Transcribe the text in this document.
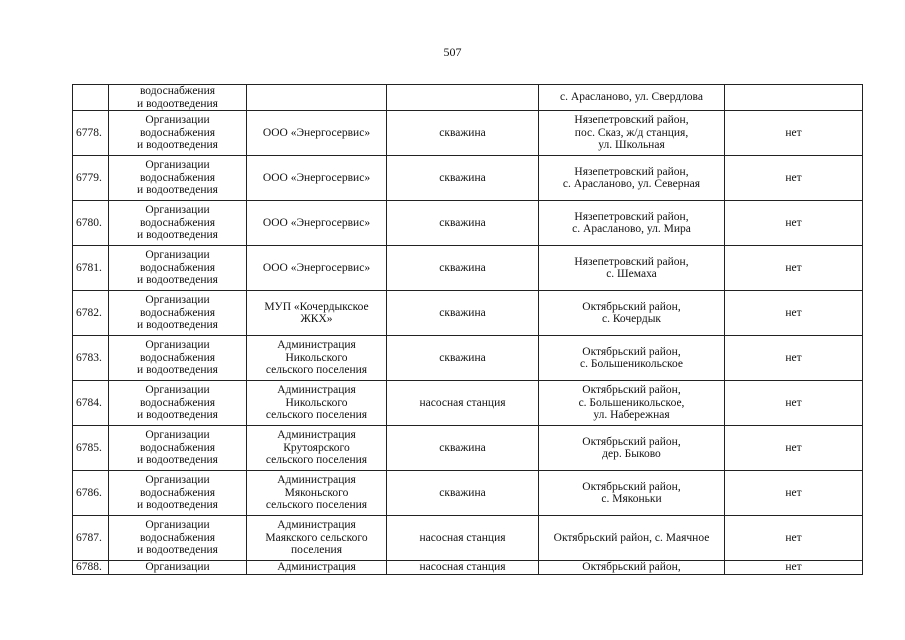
507
	водоснабжения
и водоотведения			с. Арасланово, ул. Свердлова	
6778.	Организации
водоснабжения
и водоотведения	ООО «Энергосервис»	скважина	Нязепетровский район,
пос. Сказ, ж/д станция,
ул. Школьная	нет
6779.	Организации
водоснабжения
и водоотведения	ООО «Энергосервис»	скважина	Нязепетровский район,
с. Арасланово, ул. Северная	нет
6780.	Организации
водоснабжения
и водоотведения	ООО «Энергосервис»	скважина	Нязепетровский район,
с. Арасланово, ул. Мира	нет
6781.	Организации
водоснабжения
и водоотведения	ООО «Энергосервис»	скважина	Нязепетровский район,
с. Шемаха	нет
6782.	Организации
водоснабжения
и водоотведения	МУП «Кочердыкское
ЖКХ»	скважина	Октябрьский район,
с. Кочердык	нет
6783.	Организации
водоснабжения
и водоотведения	Администрация
Никольского
сельского поселения	скважина	Октябрьский район,
с. Большеникольское	нет
6784.	Организации
водоснабжения
и водоотведения	Администрация
Никольского
сельского поселения	насосная станция	Октябрьский район,
с. Большеникольское,
ул. Набережная	нет
6785.	Организации
водоснабжения
и водоотведения	Администрация
Крутоярского
сельского поселения	скважина	Октябрьский район,
дер. Быково	нет
6786.	Организации
водоснабжения
и водоотведения	Администрация
Мяконьского
сельского поселения	скважина	Октябрьский район,
с. Мяконьки	нет
6787.	Организации
водоснабжения
и водоотведения	Администрация
Маякского сельского
поселения	насосная станция	Октябрьский район, с. Маячное	нет
6788.	Организации	Администрация	насосная станция	Октябрьский район,	нет
